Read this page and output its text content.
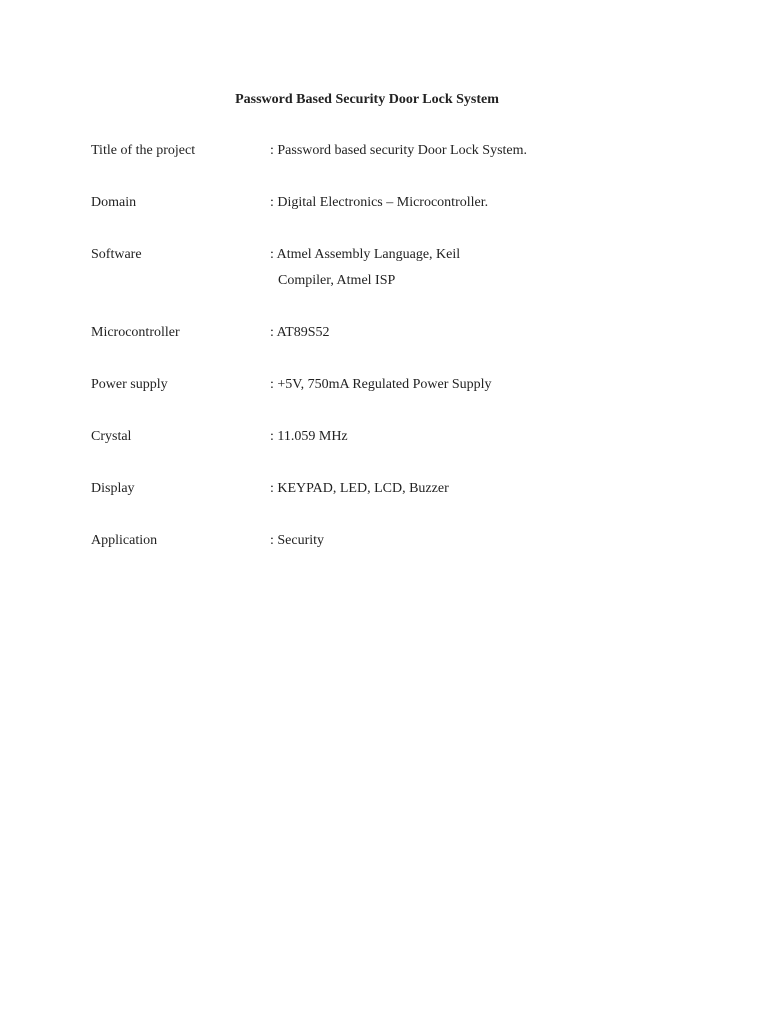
Password Based Security Door Lock System
Title of the project	: Password based security Door Lock System.
Domain	: Digital Electronics – Microcontroller.
Software	: Atmel Assembly Language, Keil
Compiler, Atmel ISP
Microcontroller	: AT89S52
Power supply	: +5V, 750mA Regulated Power Supply
Crystal	: 11.059 MHz
Display	: KEYPAD, LED, LCD, Buzzer
Application	: Security
